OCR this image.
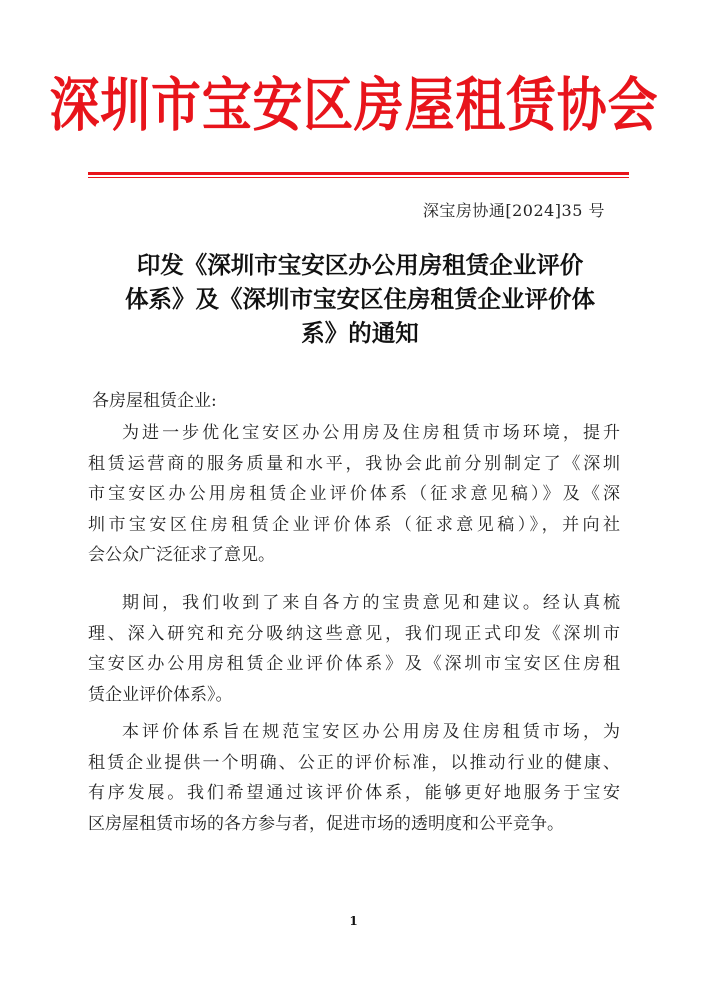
深圳市宝安区房屋租赁协会
深宝房协通[2024]35 号
印发《深圳市宝安区办公用房租赁企业评价
体系》及《深圳市宝安区住房租赁企业评价体
系》的通知
各房屋租赁企业:
为进一步优化宝安区办公用房及住房租赁市场环境，提升
租赁运营商的服务质量和水平，我协会此前分别制定了《深圳
市宝安区办公用房租赁企业评价体系（征求意见稿）》及《深
圳市宝安区住房租赁企业评价体系（征求意见稿）》，并向社
会公众广泛征求了意见。
期间，我们收到了来自各方的宝贵意见和建议。经认真梳
理、深入研究和充分吸纳这些意见，我们现正式印发《深圳市
宝安区办公用房租赁企业评价体系》及《深圳市宝安区住房租
赁企业评价体系》。
本评价体系旨在规范宝安区办公用房及住房租赁市场，为
租赁企业提供一个明确、公正的评价标准，以推动行业的健康、
有序发展。我们希望通过该评价体系，能够更好地服务于宝安
区房屋租赁市场的各方参与者，促进市场的透明度和公平竞争。
1
